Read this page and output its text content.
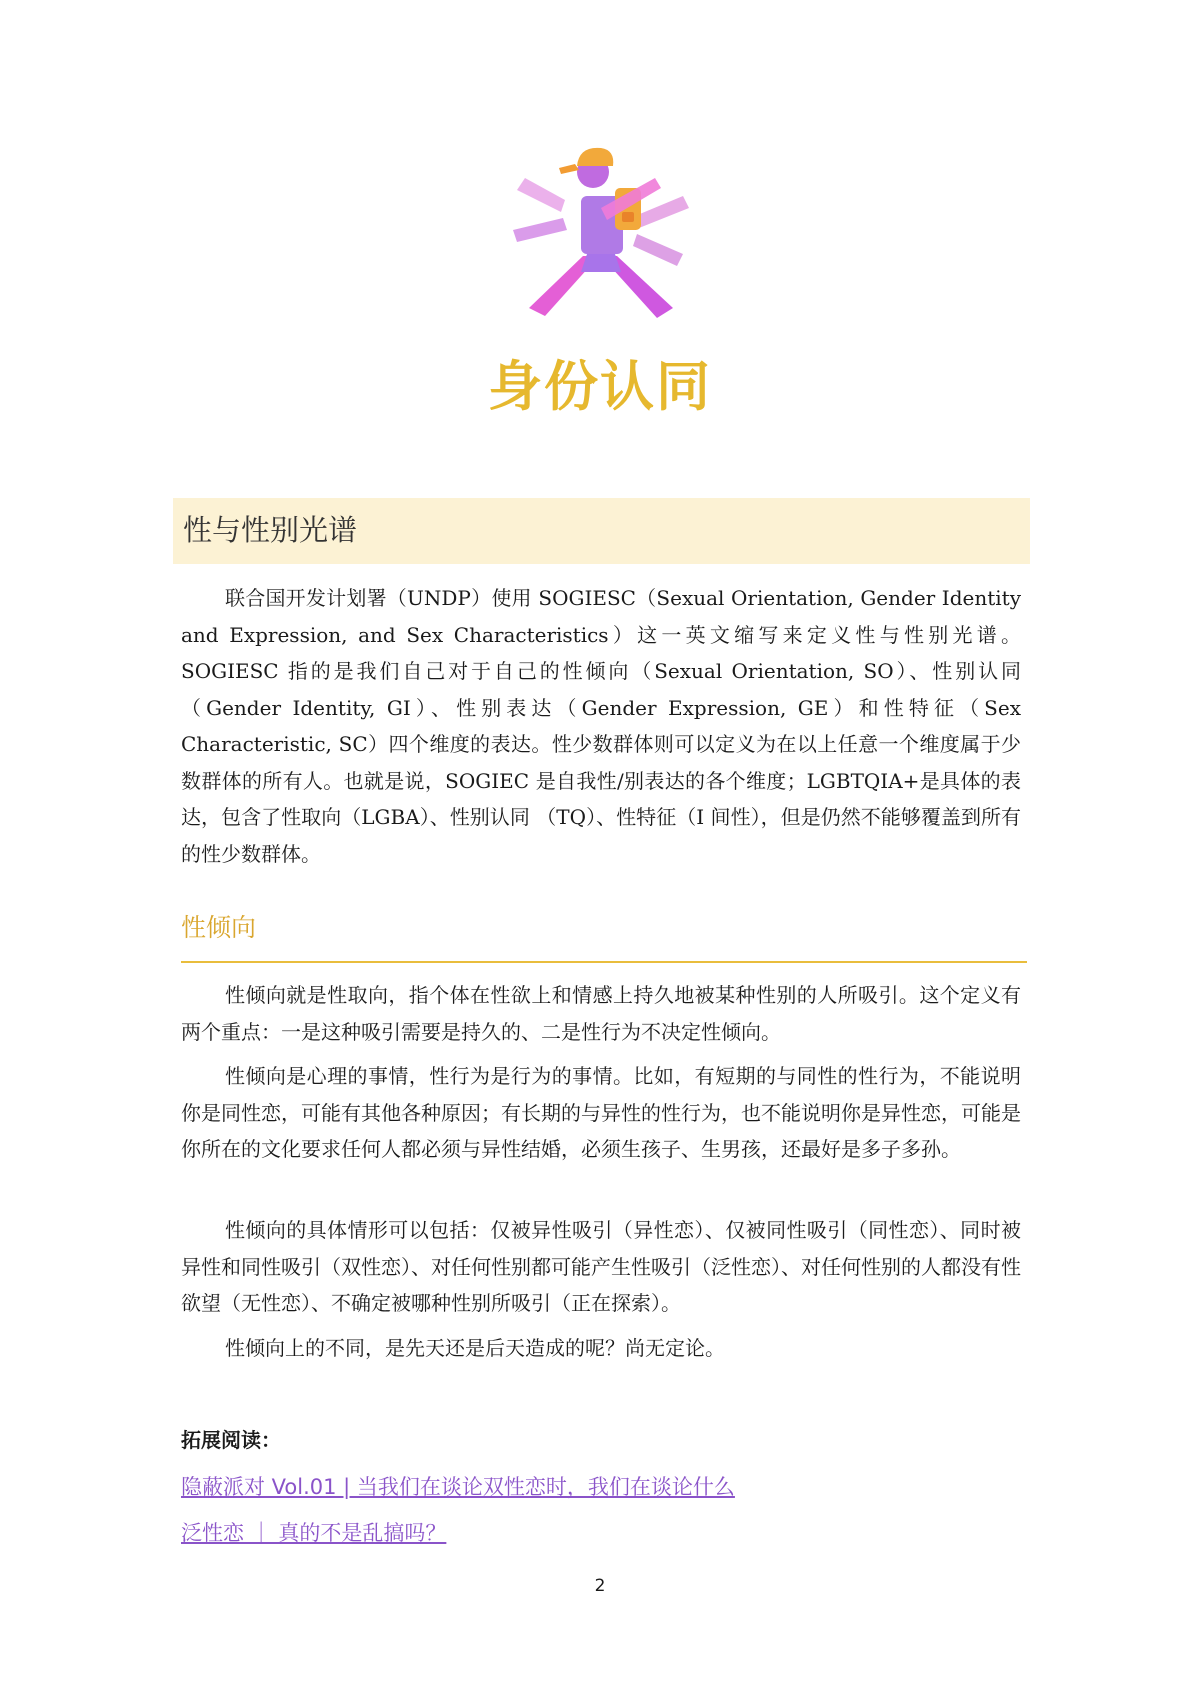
身份认同
性与性别光谱

联合国开发计划署（UNDP）使用 SOGIESC（Sexual Orientation, Gender Identity and Expression, and Sex Characteristics）这一英文缩写来定义性与性别光谱。SOGIESC 指的是我们自己对于自己的性倾向（Sexual Orientation, SO）、性别认同（Gender Identity, GI）、性别表达（Gender Expression, GE）和性特征（Sex Characteristic, SC）四个维度的表达。性少数群体则可以定义为在以上任意一个维度属于少数群体的所有人。也就是说，SOGIEC 是自我性/别表达的各个维度；LGBTQIA+是具体的表达，包含了性取向（LGBA）、性别认同 （TQ）、性特征（I 间性），但是仍然不能够覆盖到所有的性少数群体。

性倾向

性倾向就是性取向，指个体在性欲上和情感上持久地被某种性别的人所吸引。这个定义有两个重点：一是这种吸引需要是持久的、二是性行为不决定性倾向。

性倾向是心理的事情，性行为是行为的事情。比如，有短期的与同性的性行为，不能说明你是同性恋，可能有其他各种原因；有长期的与异性的性行为，也不能说明你是异性恋，可能是你所在的文化要求任何人都必须与异性结婚，必须生孩子、生男孩，还最好是多子多孙。

性倾向的具体情形可以包括：仅被异性吸引（异性恋）、仅被同性吸引（同性恋）、同时被异性和同性吸引（双性恋）、对任何性别都可能产生性吸引（泛性恋）、对任何性别的人都没有性欲望（无性恋）、不确定被哪种性别所吸引（正在探索）。

性倾向上的不同，是先天还是后天造成的呢？尚无定论。

拓展阅读：

隐蔽派对 Vol.01 | 当我们在谈论双性恋时，我们在谈论什么
泛性恋 ｜ 真的不是乱搞吗？

2
